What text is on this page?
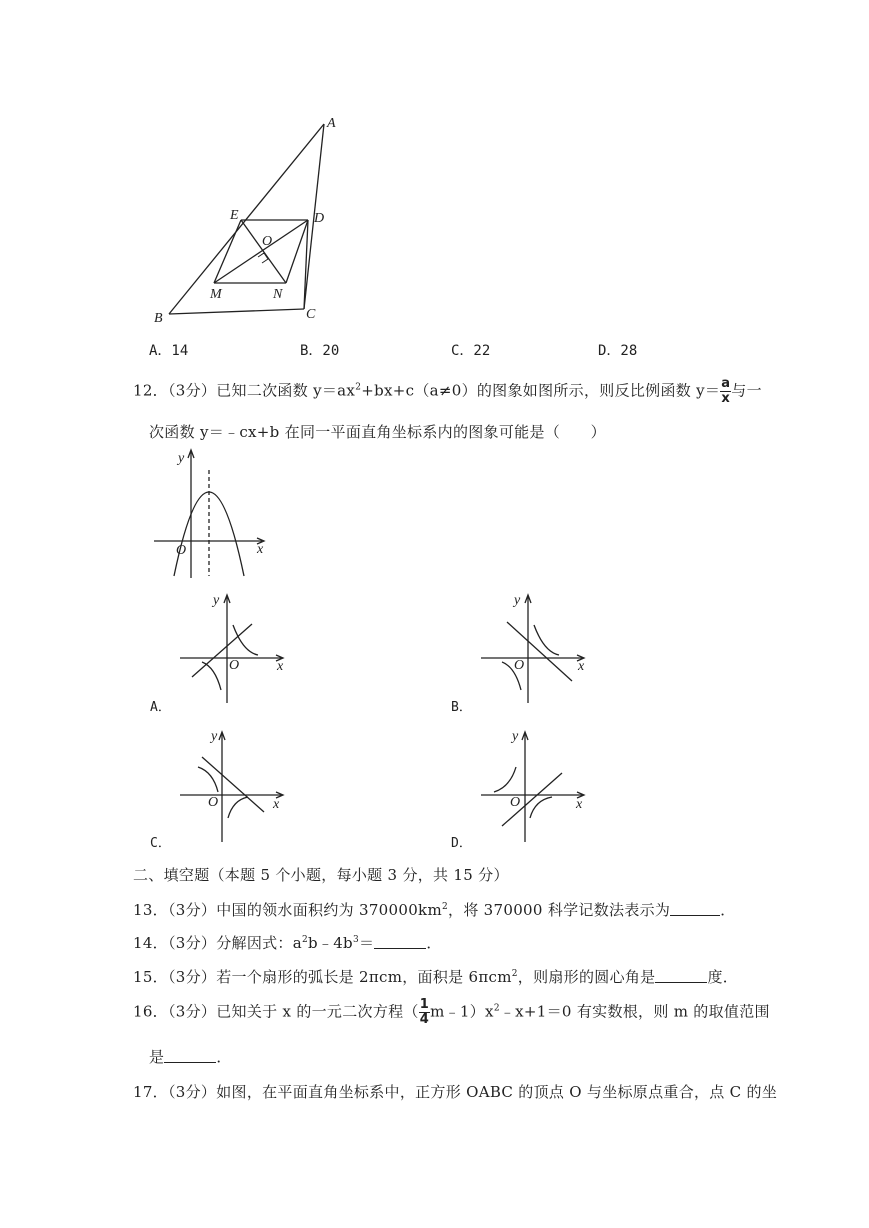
A
B	C
D
E
O
M	N
A．14	B．20	C．22	D．28
12．（3分）已知二次函数 $y=ax^2+bx+c(a\ne 0)$的图象如图所示，则反比例函数 $y= \frac{a}{x}$ 与一
次函数 y＝﹣cx+b 在同一平面直角坐标系内的图象可能是（　　）
y
x
O
y
x
O
A．
y
x
O
B．
y
x
O
C．
y
x
O
D．
二、填空题（本题 5 个小题，每小题 3 分，共 15 分）
13．（3分）中国的领水面积约为 $370000km^2$，将 370000 科学记数法表示为	．
14．（3分）分解因式：$a^2b﹣4b^3=$	．
15．（3分）若一个扇形的弧长是 2πcm，面积是 6πcm$^2$，则扇形的圆心角是	度．
16．（3分）已知关于 x 的一元二次方程（ $\frac{1}{4}$ $m﹣1)x^2﹣x+1=0$ 有实数根，则 m 的取值范围
是	．
17．（3分）如图，在平面直角坐标系中，正方形 OABC 的顶点 O 与坐标原点重合，点 C 的坐
